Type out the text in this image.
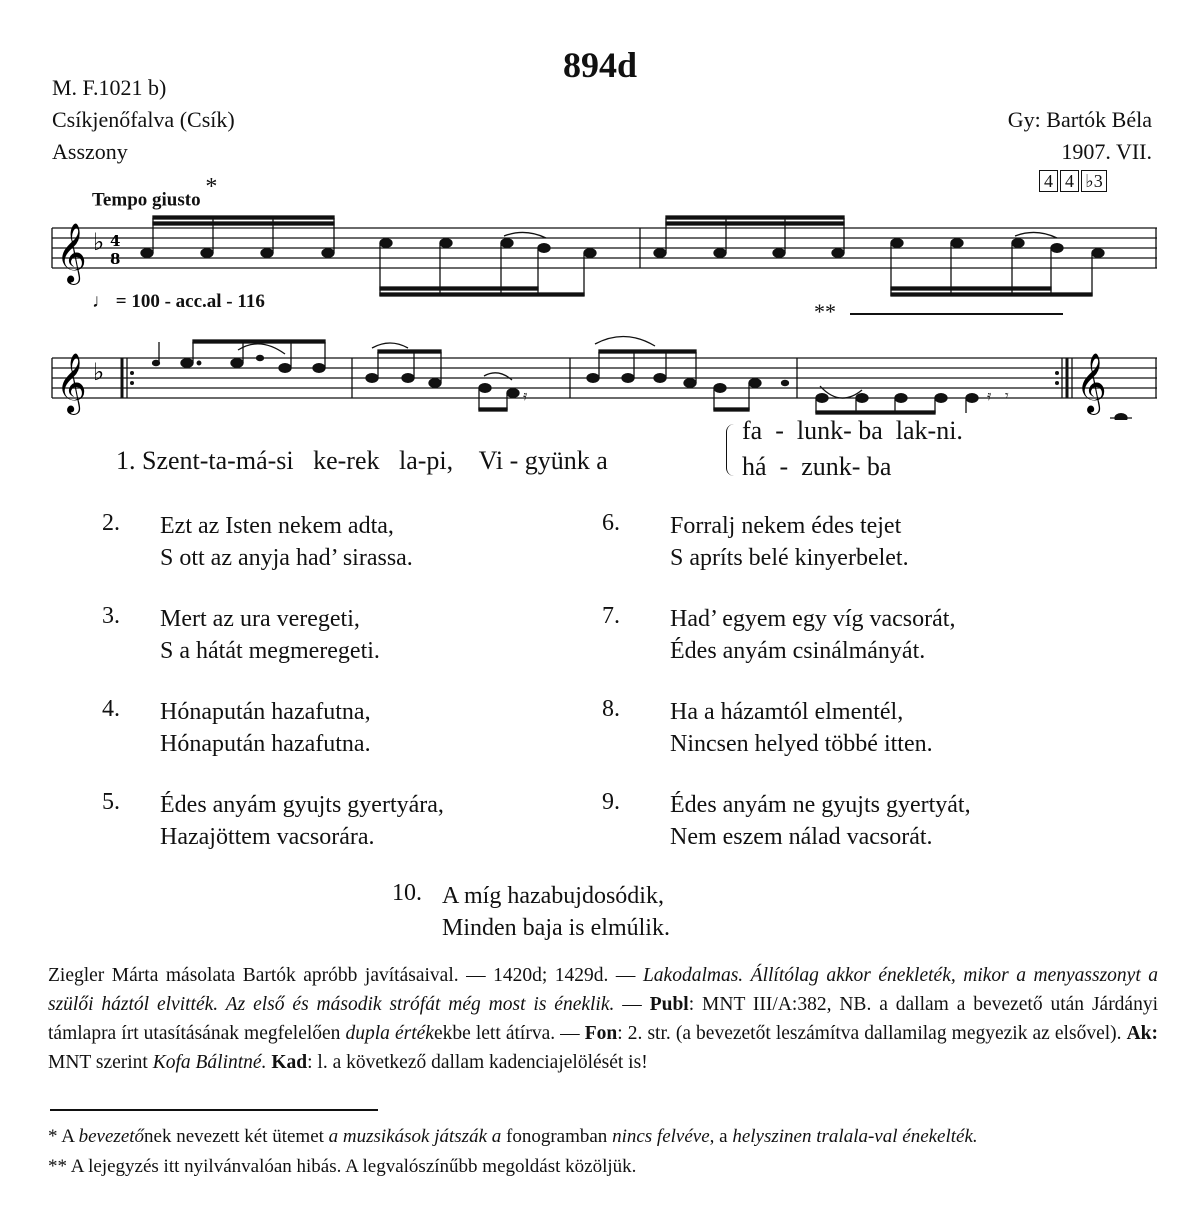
894d
M. F.1021 b)
Csíkjenőfalva (Csík)
Asszony
Gy: Bartók Béla
1907. VII.
4 4 ♭3
Tempo giusto *
𝄞 ♭ 4
8
♩ = 100 - acc.al - 116	**
𝄞 ♭	𝄞
𝄿 𝄾
𝄿

1. Szent-ta-má-si   ke-rek   la-pi,    Vi - gyünk a

fa  -  lunk- ba  lak-ni.
há  -  zunk- ba
2. Ezt az Isten nekem adta,
S ott az anyja had’ sirassa.
3. Mert az ura veregeti,
S a hátát megmeregeti.
4. Hónapután hazafutna,
Hónapután hazafutna.
5. Édes anyám gyujts gyertyára,
Hazajöttem vacsorára.
6. Forralj nekem édes tejet
S apríts belé kinyerbelet.
7. Had’ egyem egy víg vacsorát,
Édes anyám csinálmányát.
8. Ha a házamtól elmentél,
Nincsen helyed többé itten.
9. Édes anyám ne gyujts gyertyát,
Nem eszem nálad vacsorát.
10. A míg hazabujdosódik,
Minden baja is elmúlik.
Ziegler Márta másolata Bartók apróbb javításaival. — 1420d; 1429d. — Lakodalmas. Állítólag akkor énekleték, mikor a menyasszonyt a szülői háztól elvitték. Az első és második strófát még most is éneklik. — Publ: MNT III/A:382, NB. a dallam a bevezető után Járdányi támlapra írt utasításának megfelelően dupla értékekbe lett átírva. — Fon: 2. str. (a bevezetőt leszámítva dallamilag megyezik az elsővel). Ak: MNT szerint Kofa Bálintné. Kad: l. a következő dallam kadenciajelölését is!
* A bevezetőnek nevezett két ütemet a muzsikások játszák a fonogramban nincs felvéve, a helyszinen tralala-val énekelték.
** A lejegyzés itt nyilvánvalóan hibás. A legvalószínűbb megoldást közöljük.
